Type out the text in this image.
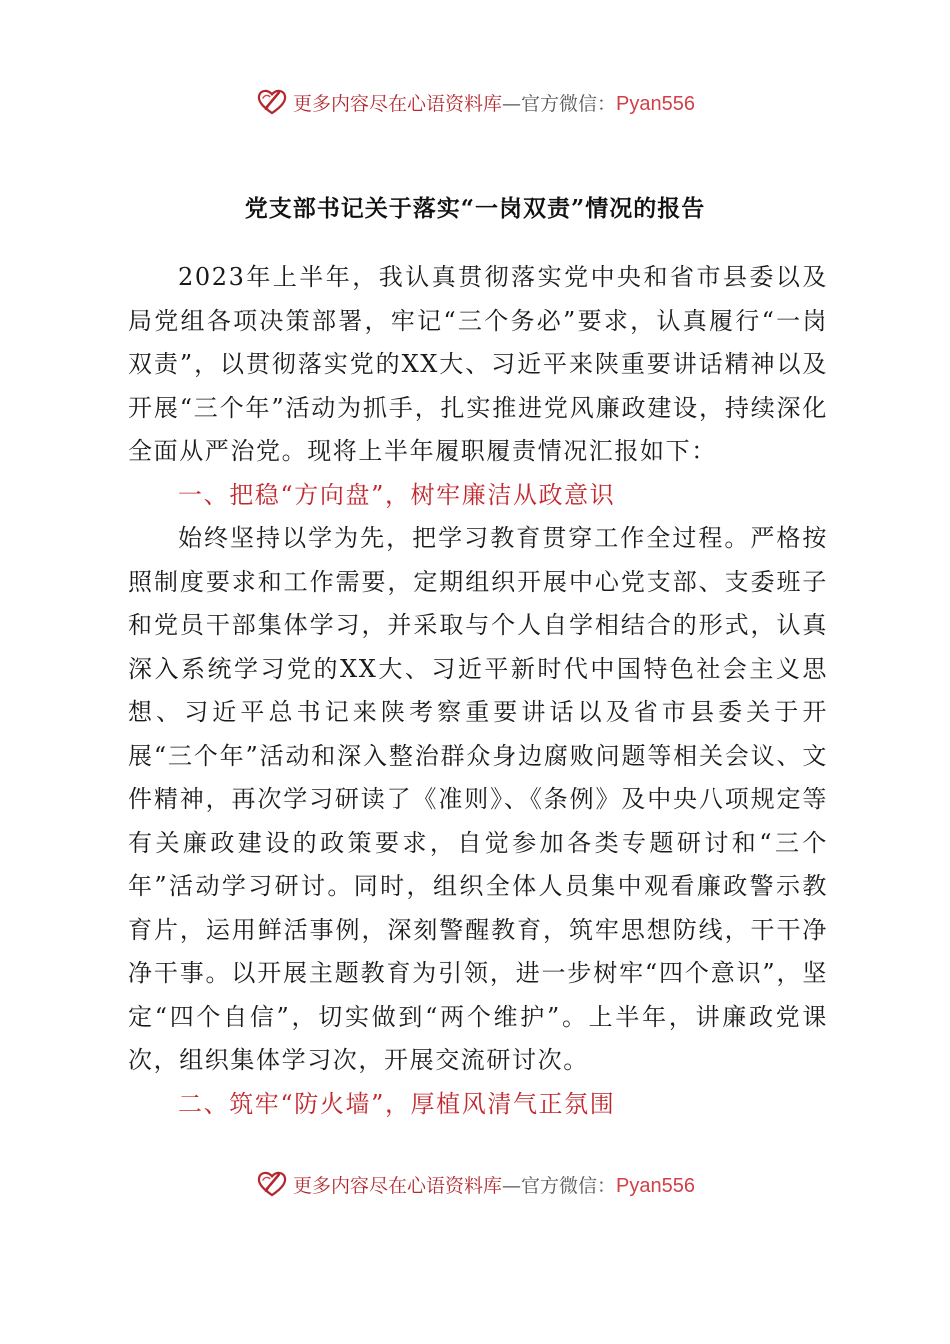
更多内容尽在心语资料库—官方微信：Pyan556
党支部书记关于落实“一岗双责”情况的报告

2023年上半年，我认真贯彻落实党中央和省市县委以及局党组各项决策部署，牢记“三个务必”要求，认真履行“一岗双责”，以贯彻落实党的XX大、习近平来陕重要讲话精神以及开展“三个年”活动为抓手，扎实推进党风廉政建设，持续深化全面从严治党。现将上半年履职履责情况汇报如下：

一、把稳“方向盘”，树牢廉洁从政意识

始终坚持以学为先，把学习教育贯穿工作全过程。严格按照制度要求和工作需要，定期组织开展中心党支部、支委班子和党员干部集体学习，并采取与个人自学相结合的形式，认真深入系统学习党的XX大、习近平新时代中国特色社会主义思想、习近平总书记来陕考察重要讲话以及省市县委关于开展“三个年”活动和深入整治群众身边腐败问题等相关会议、文件精神，再次学习研读了《准则》、《条例》及中央八项规定等有关廉政建设的政策要求，自觉参加各类专题研讨和“三个年”活动学习研讨。同时，组织全体人员集中观看廉政警示教育片，运用鲜活事例，深刻警醒教育，筑牢思想防线，干干净净干事。以开展主题教育为引领，进一步树牢“四个意识”，坚定“四个自信”，切实做到“两个维护”。上半年，讲廉政党课次，组织集体学习次，开展交流研讨次。

二、筑牢“防火墙”，厚植风清气正氛围

更多内容尽在心语资料库—官方微信：Pyan556
